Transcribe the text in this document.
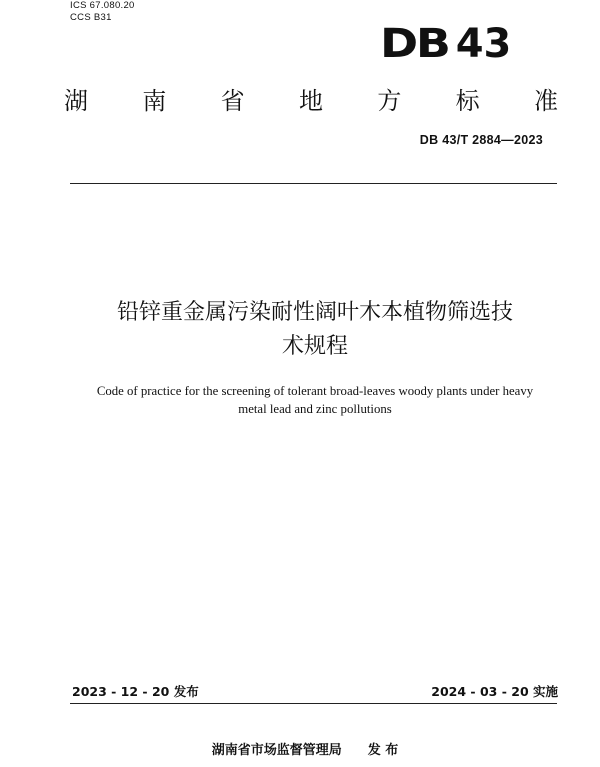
ICS 67.080.20
CCS B31
DB 43
湖 南 省 地 方 标 准
DB 43/T 2884—2023
铅锌重金属污染耐性阔叶木本植物筛选技
术规程
Code of practice for the screening of tolerant broad-leaves woody plants under heavy
metal lead and zinc pollutions
2023 - 12 - 20 发布	2024 - 03 - 20 实施
湖南省市场监督管理局　　发 布
